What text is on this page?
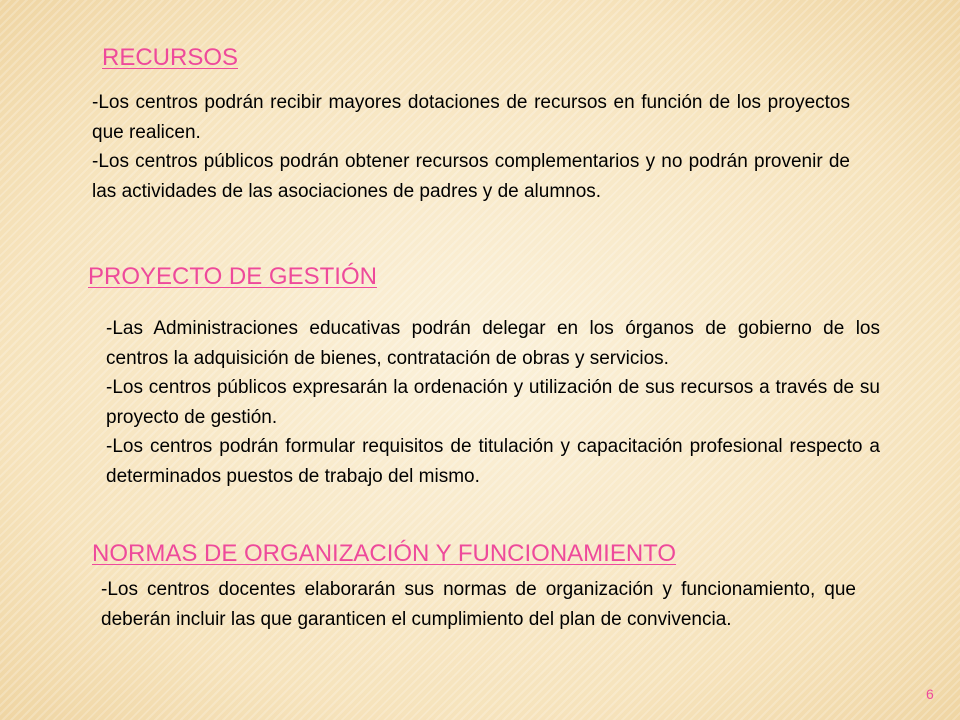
RECURSOS

-Los centros podrán recibir mayores dotaciones de recursos en función de los proyectos que realicen.

-Los centros públicos podrán obtener recursos complementarios y no podrán provenir de las actividades de las asociaciones de padres y de alumnos.

PROYECTO DE GESTIÓN

-Las Administraciones educativas podrán delegar en los órganos de gobierno de los centros la adquisición de bienes, contratación de obras y servicios.

-Los centros públicos expresarán la ordenación y utilización de sus recursos a través de su proyecto de gestión.

-Los centros podrán formular requisitos de titulación y capacitación profesional respecto a determinados puestos de trabajo del mismo.

NORMAS DE ORGANIZACIÓN Y FUNCIONAMIENTO

-Los centros docentes elaborarán sus normas de organización y funcionamiento, que deberán incluir las que garanticen el cumplimiento del plan de convivencia.

6
